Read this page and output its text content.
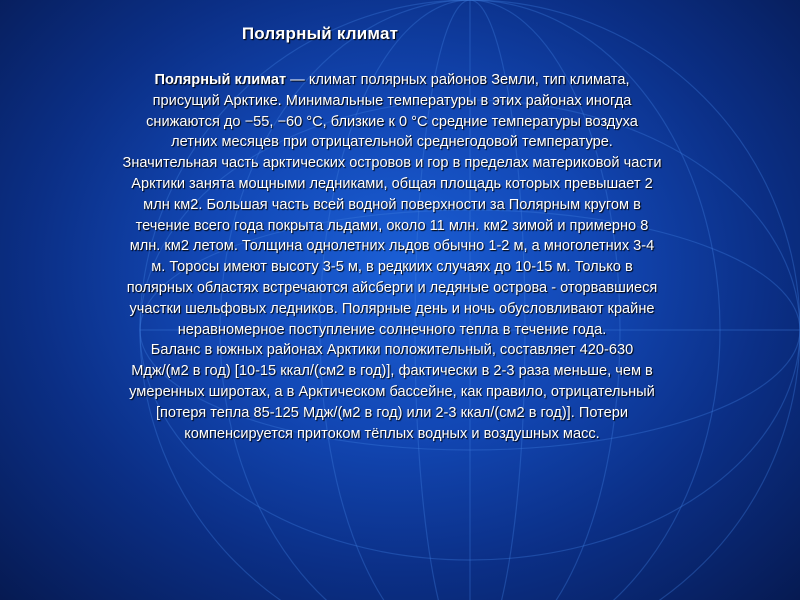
Полярный климат
Полярный климат — климат полярных районов Земли, тип климата, присущий Арктике. Минимальные температуры в этих районах иногда снижаются до −55, −60 °C, близкие к 0 °C средние температуры воздуха летних месяцев при отрицательной среднегодовой температуре.
Значительная часть арктических островов и гор в пределах материковой части Арктики занята мощными ледниками, общая площадь которых превышает 2 млн км2. Большая часть всей водной поверхности за Полярным кругом в течение всего года покрыта льдами, около 11 млн. км2 зимой и примерно 8 млн. км2 летом. Толщина однолетних льдов обычно 1-2 м, а многолетних 3-4 м. Торосы имеют высоту 3-5 м, в редкиих случаях до 10-15 м. Только в полярных областях встречаются айсберги и ледяные острова - оторвавшиеся участки шельфовых ледников. Полярные день и ночь обусловливают крайне неравномерное поступление солнечного тепла в течение года.
Баланс в южных районах Арктики положительный, составляет 420-630 Мдж/(м2 в год) [10-15 ккал/(см2 в год)], фактически в 2-3 раза меньше, чем в умеренных широтах, а в Арктическом бассейне, как правило, отрицательный [потеря тепла 85-125 Мдж/(м2 в год) или 2-3 ккал/(см2 в год)]. Потери компенсируется притоком тёплых водных и воздушных масс.
